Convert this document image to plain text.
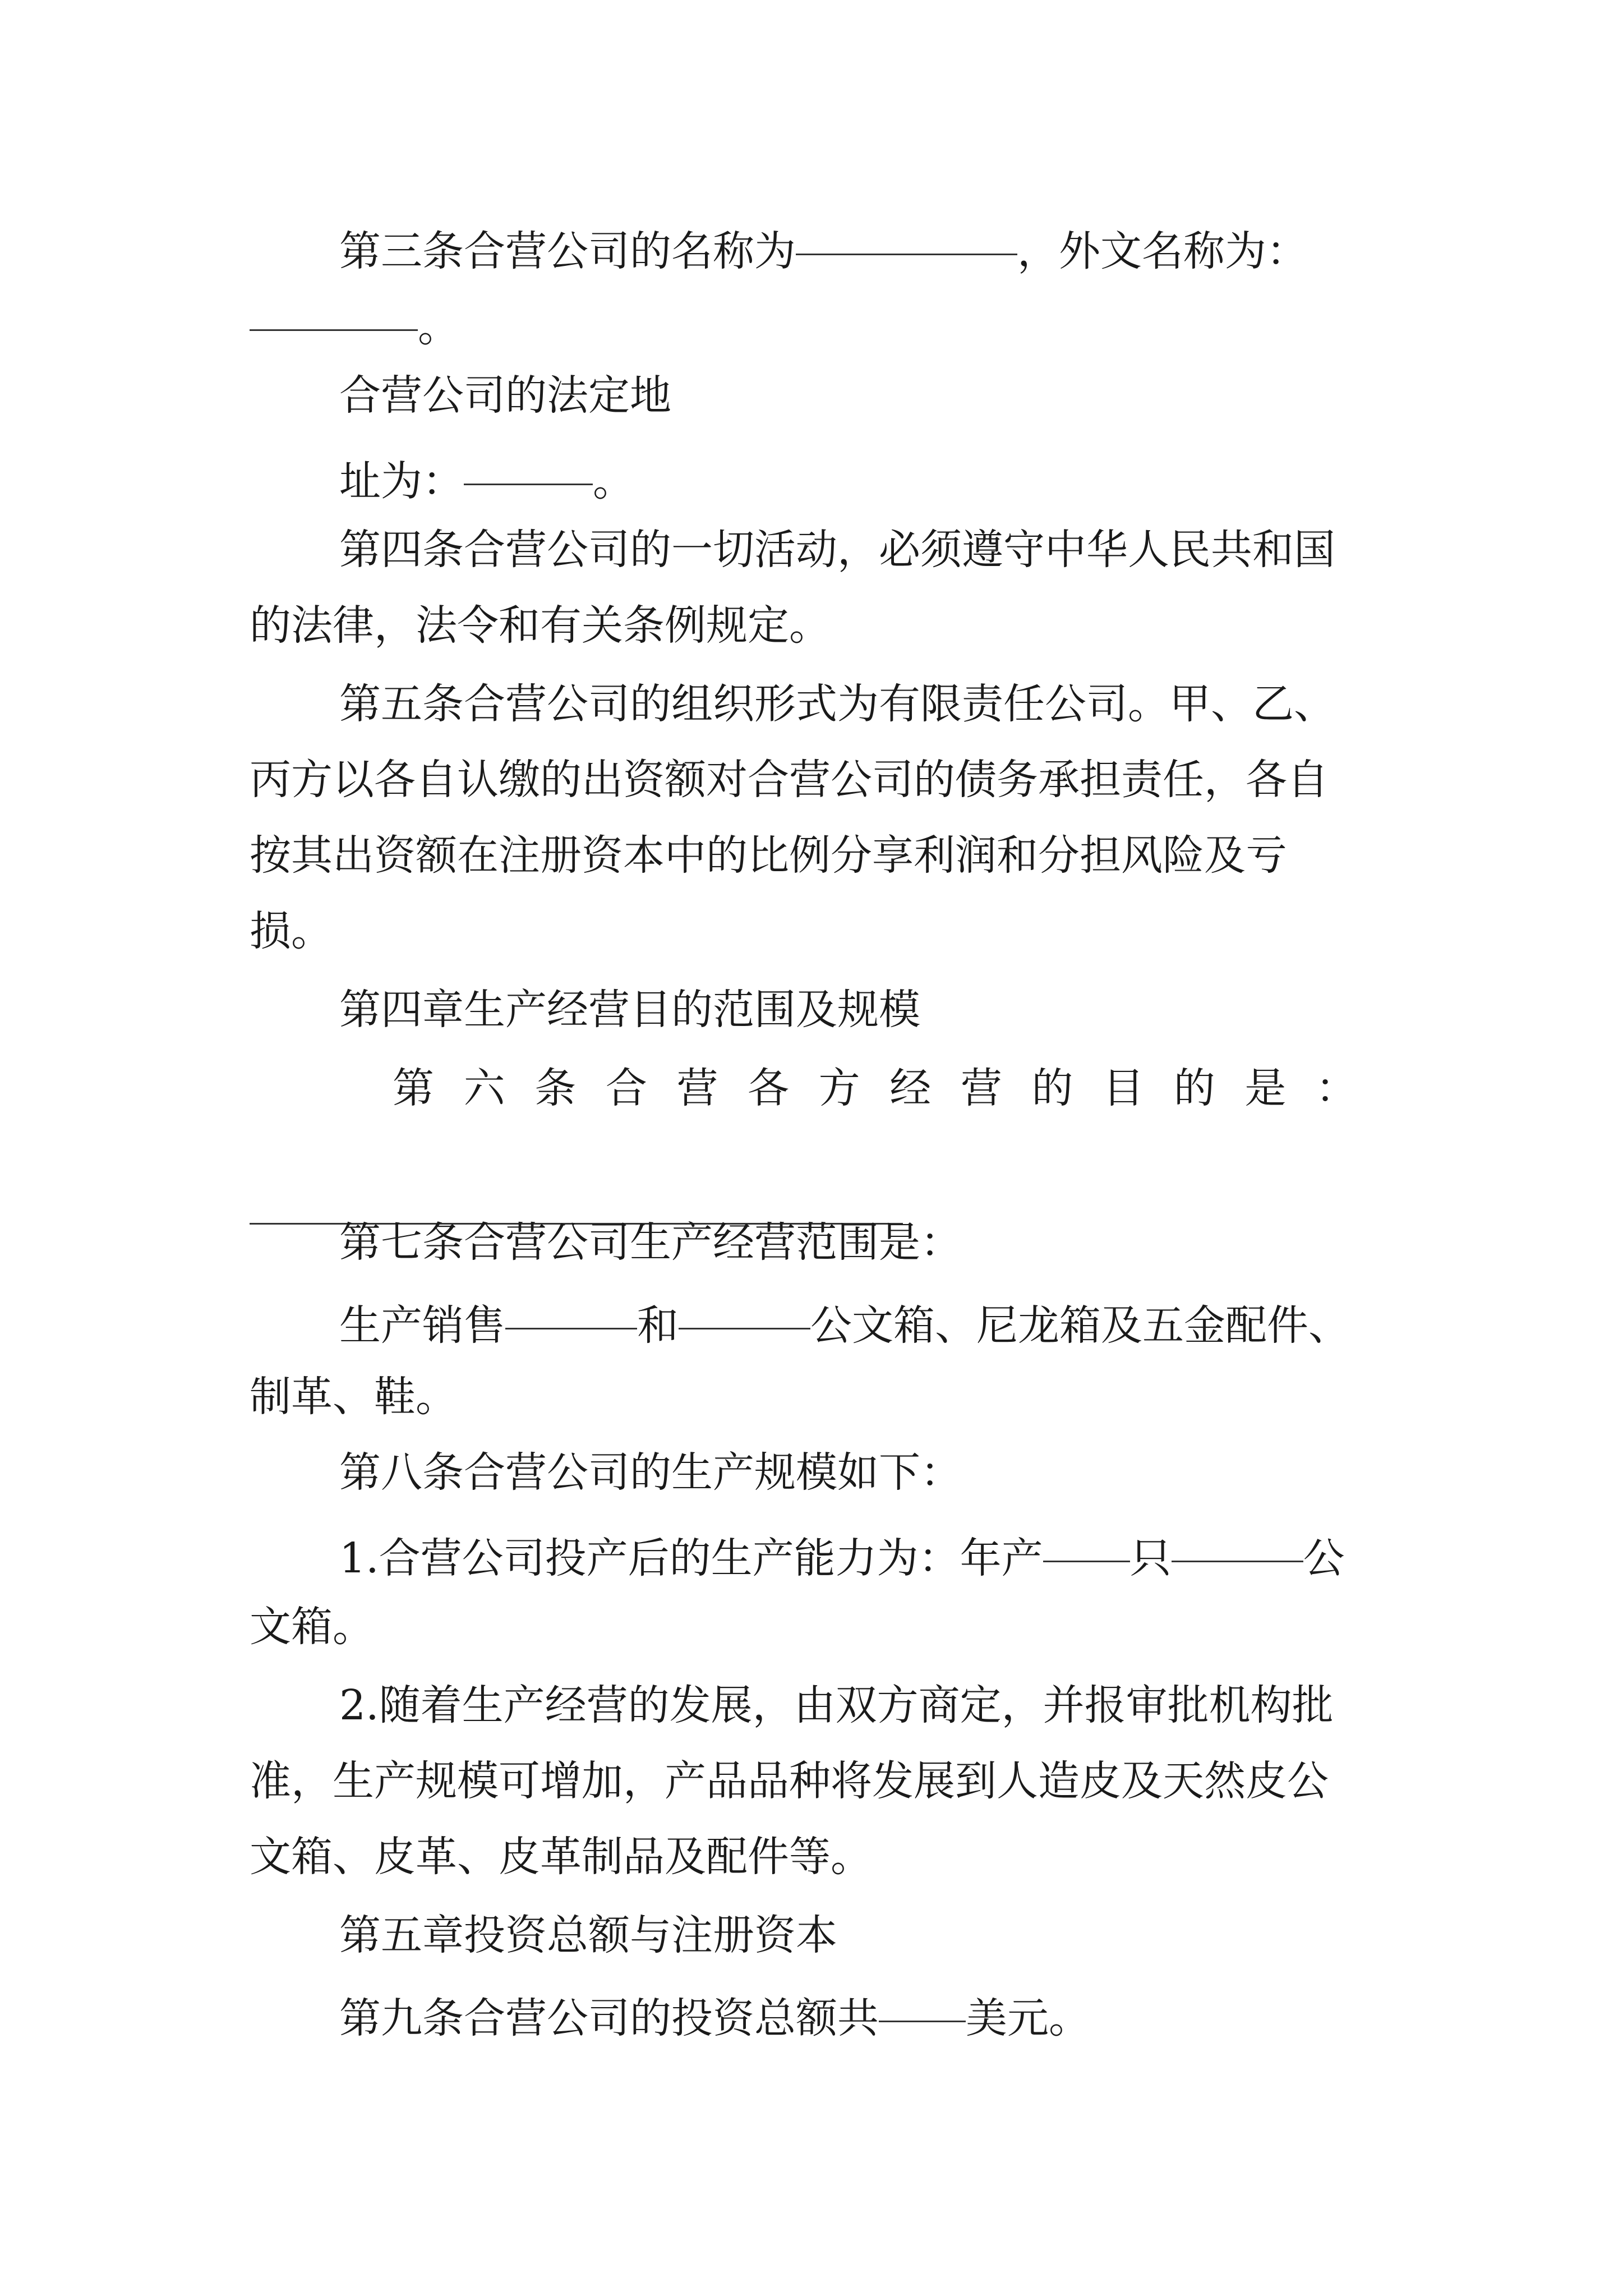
第三条合营公司的名称为	，外文名称为：
。
合营公司的法定地
址为：	。
第四条合营公司的一切活动，必须遵守中华人民共和国
的法律，法令和有关条例规定。
第五条合营公司的组织形式为有限责任公司。甲、乙、
丙方以各自认缴的出资额对合营公司的债务承担责任，各自
按其出资额在注册资本中的比例分享利润和分担风险及亏
损。
第四章生产经营目的范围及规模
第 六 条 合 营 各 方 经 营 的 目 的 是 ：
第七条合营公司生产经营范围是：
生产销售	和	公文箱、尼龙箱及五金配件、
制革、鞋。
第八条合营公司的生产规模如下：
1.合营公司投产后的生产能力为：年产 只	公
文箱。
2.随着生产经营的发展，由双方商定，并报审批机构批
准，生产规模可增加，产品品种将发展到人造皮及天然皮公
文箱、皮革、皮革制品及配件等。
第五章投资总额与注册资本
第九条合营公司的投资总额共 美元。
